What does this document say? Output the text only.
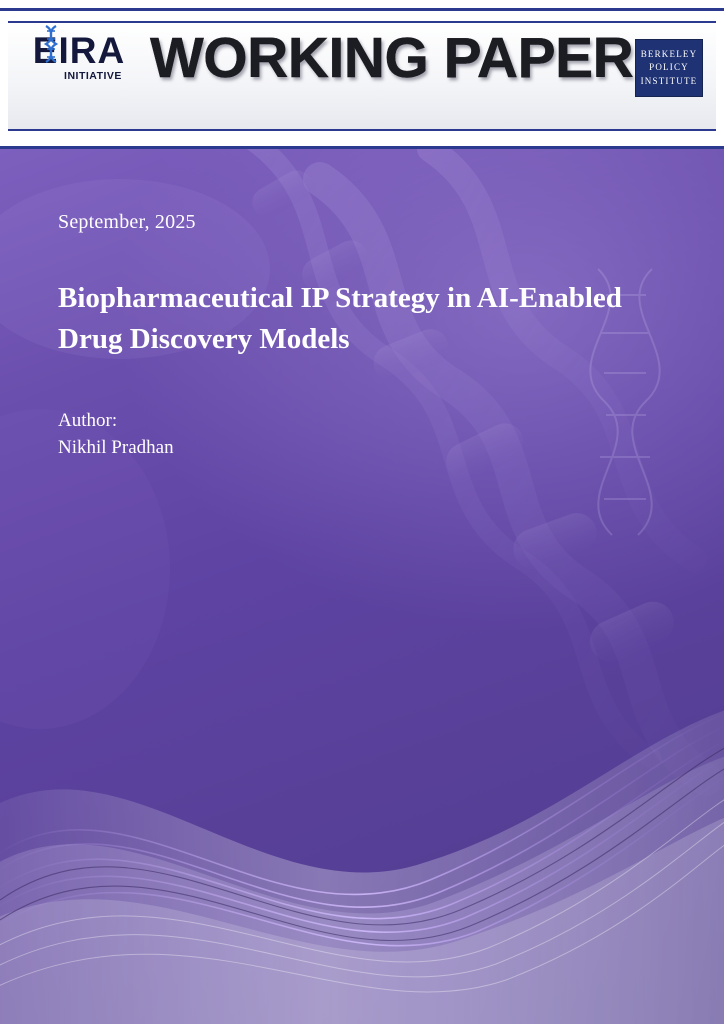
EIRA
INITIATIVE WORKING PAPER BERKELEY
POLICY
INSTITUTE

September, 2025

Biopharmaceutical IP Strategy in AI-Enabled Drug Discovery Models

Author:

Nikhil Pradhan
